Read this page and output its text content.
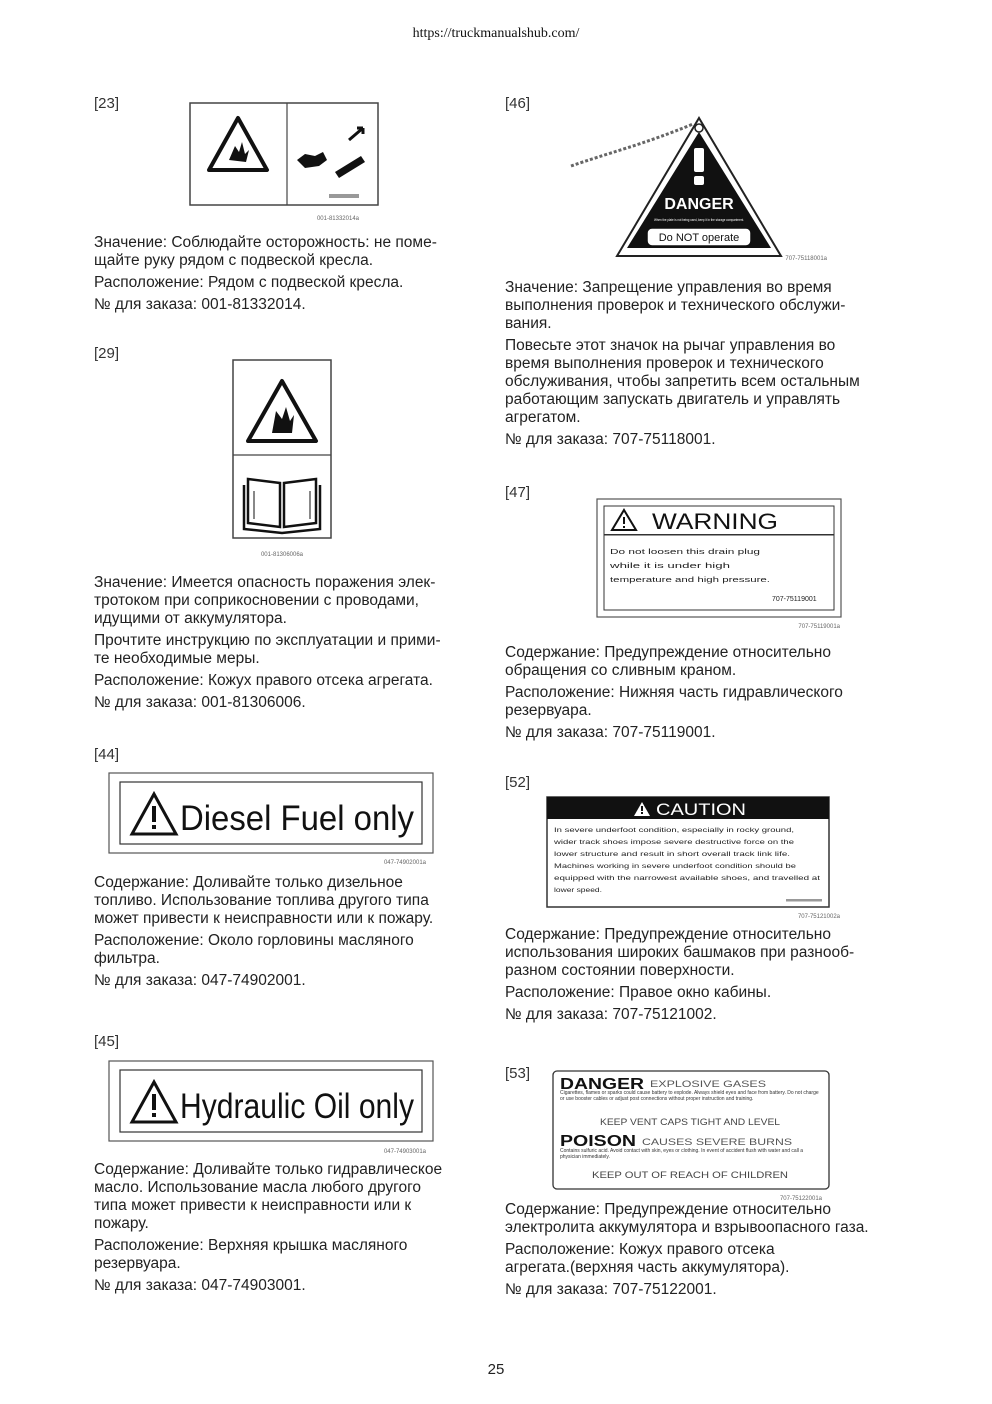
https://truckmanualshub.com/
[23]
001-81332014a

Значение: Соблюдайте осторожность: не поме-
щайте руку рядом с подвеской кресла.

Расположение: Рядом с подвеской кресла.

№ для заказа: 001-81332014.

[29]
001-81306006a

Значение: Имеется опасность поражения элек-
тротоком при соприкосновении с проводами,
идущими от аккумулятора.

Прочтите инструкцию по эксплуатации и прими-
те необходимые меры.

Расположение: Кожух правого отсека агрегата.

№ для заказа: 001-81306006.

[44]
Diesel Fuel only
047-74902001a

Содержание: Доливайте только дизельное
топливо. Использование топлива другого типа
может привести к неисправности или к пожару.

Расположение: Около горловины масляного
фильтра.

№ для заказа: 047-74902001.

[45]
Hydraulic Oil only
047-74903001a

Содержание: Доливайте только гидравлическое
масло. Использование масла любого другого
типа может привести к неисправности или к
пожару.

Расположение: Верхняя крышка масляного
резервуара.

№ для заказа: 047-74903001.

[46]
DANGER
When the plate is not being used, keep it in the storage compartment.
Do NOT operate
707-75118001a

Значение: Запрещение управления во время
выполнения проверок и технического обслужи-
вания.

Повесьте этот значок на рычаг управления во
время выполнения проверок и технического
обслуживания, чтобы запретить всем остальным
работающим запускать двигатель и управлять
агрегатом.

№ для заказа: 707-75118001.

[47]
WARNING
Do not loosen this drain plug
while it is under high
temperature and high pressure.
707-75119001
707-75119001a

Содержание: Предупреждение относительно
обращения со сливным краном.

Расположение: Нижняя часть гидравлического
резервуара.

№ для заказа: 707-75119001.

[52]
CAUTION
In severe underfoot condition, especially in rocky ground,
wider track shoes impose severe destructive force on the
lower structure and result in short overall track link life.
Machines working in severe underfoot condition should be
equipped with the narrowest available shoes, and travelled at
lower speed.
707-75121002a

Содержание: Предупреждение относительно
использования широких башмаков при разнооб-
разном состоянии поверхности.

Расположение: Правое окно кабины.

№ для заказа: 707-75121002.

[53]
DANGER EXPLOSIVE GASES
Cigarettes, flames or sparks could cause battery to explode. Always shield eyes and face from battery. Do not charge or use booster cables or adjust post connections without proper instruction and training.
KEEP VENT CAPS TIGHT AND LEVEL
POISON CAUSES SEVERE BURNS
Contains sulfuric acid. Avoid contact with skin, eyes or clothing. In event of accident flush with water and call a physician immediately.
KEEP OUT OF REACH OF CHILDREN
707-75122001a

Содержание: Предупреждение относительно
электролита аккумулятора и взрывоопасного газа.

Расположение: Кожух правого отсека
агрегата.(верхняя часть аккумулятора).

№ для заказа: 707-75122001.

25
